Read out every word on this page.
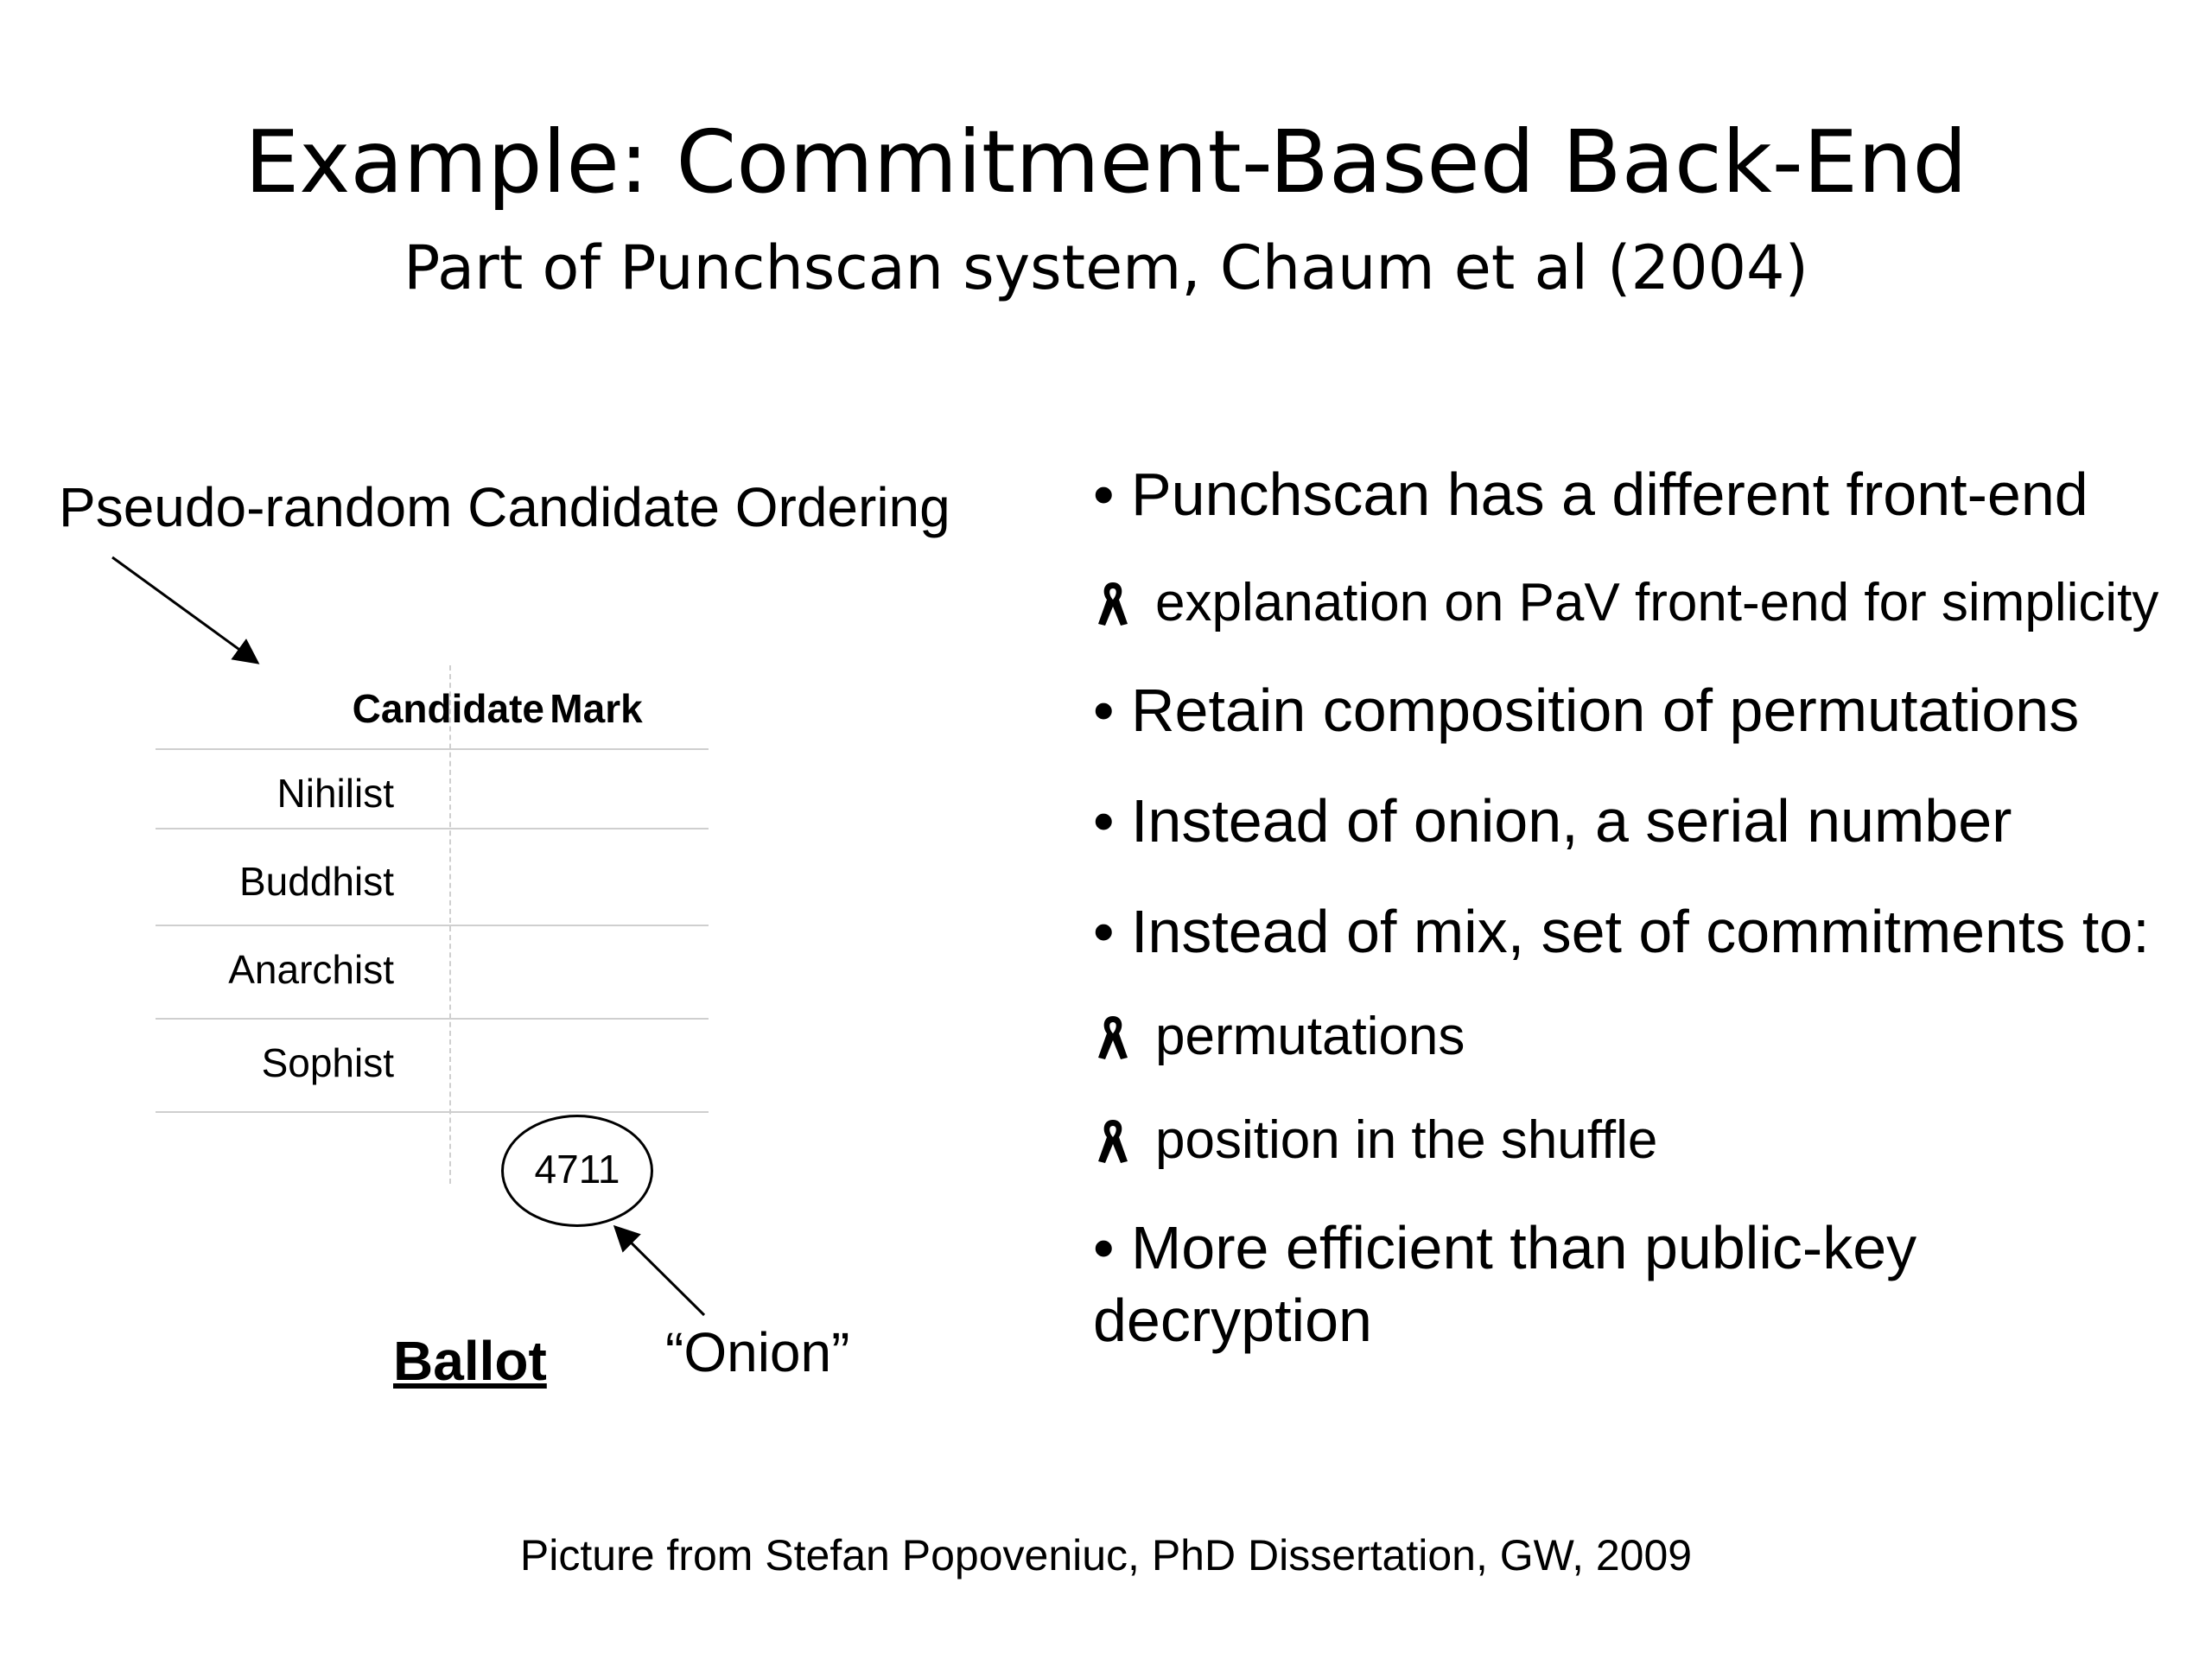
Example: Commitment-Based Back-End
Part of Punchscan system, Chaum et al (2004)
Pseudo-random Candidate Ordering
Candidate Mark
Nihilist
Buddhist
Anarchist
Sophist
4711
Ballot “Onion”

• Punchscan has a different front-end

explanation on PaV front-end for simplicity

• Retain composition of permutations

• Instead of onion, a serial number

• Instead of mix, set of commitments to:

permutations

position in the shuffle

• More efficient than public-key decryption

Picture from Stefan Popoveniuc, PhD Dissertation, GW, 2009
